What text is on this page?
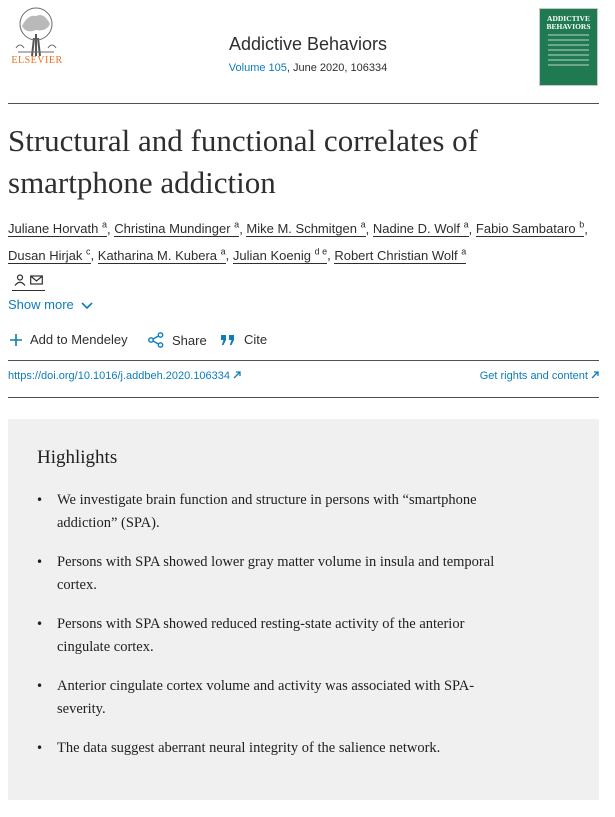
ELSEVIER
Addictive Behaviors
Volume 105, June 2020, 106334
ADDICTIVE BEHAVIORS
Structural and functional correlates of smartphone addiction
Juliane Horvath $^a$, Christina Mundinger $^a$, Mike M. Schmitgen $^a$, Nadine D. Wolf $^a$, Fabio Sambataro $^b$, Dusan Hirjak $^c$, Katharina M. Kubera $^a$, Julian Koenig $^{d e}$, Robert Christian Wolf $^a$

Show more
Add to Mendeley	Share	Cite
https://doi.org/10.1016/j.addbeh.2020.106334	Get rights and content
Highlights
• We investigate brain function and structure in persons with “smartphone addiction” (SPA).
• Persons with SPA showed lower gray matter volume in insula and temporal cortex.
• Persons with SPA showed reduced resting-state activity of the anterior cingulate cortex.
• Anterior cingulate cortex volume and activity was associated with SPA-severity.
• The data suggest aberrant neural integrity of the salience network.
